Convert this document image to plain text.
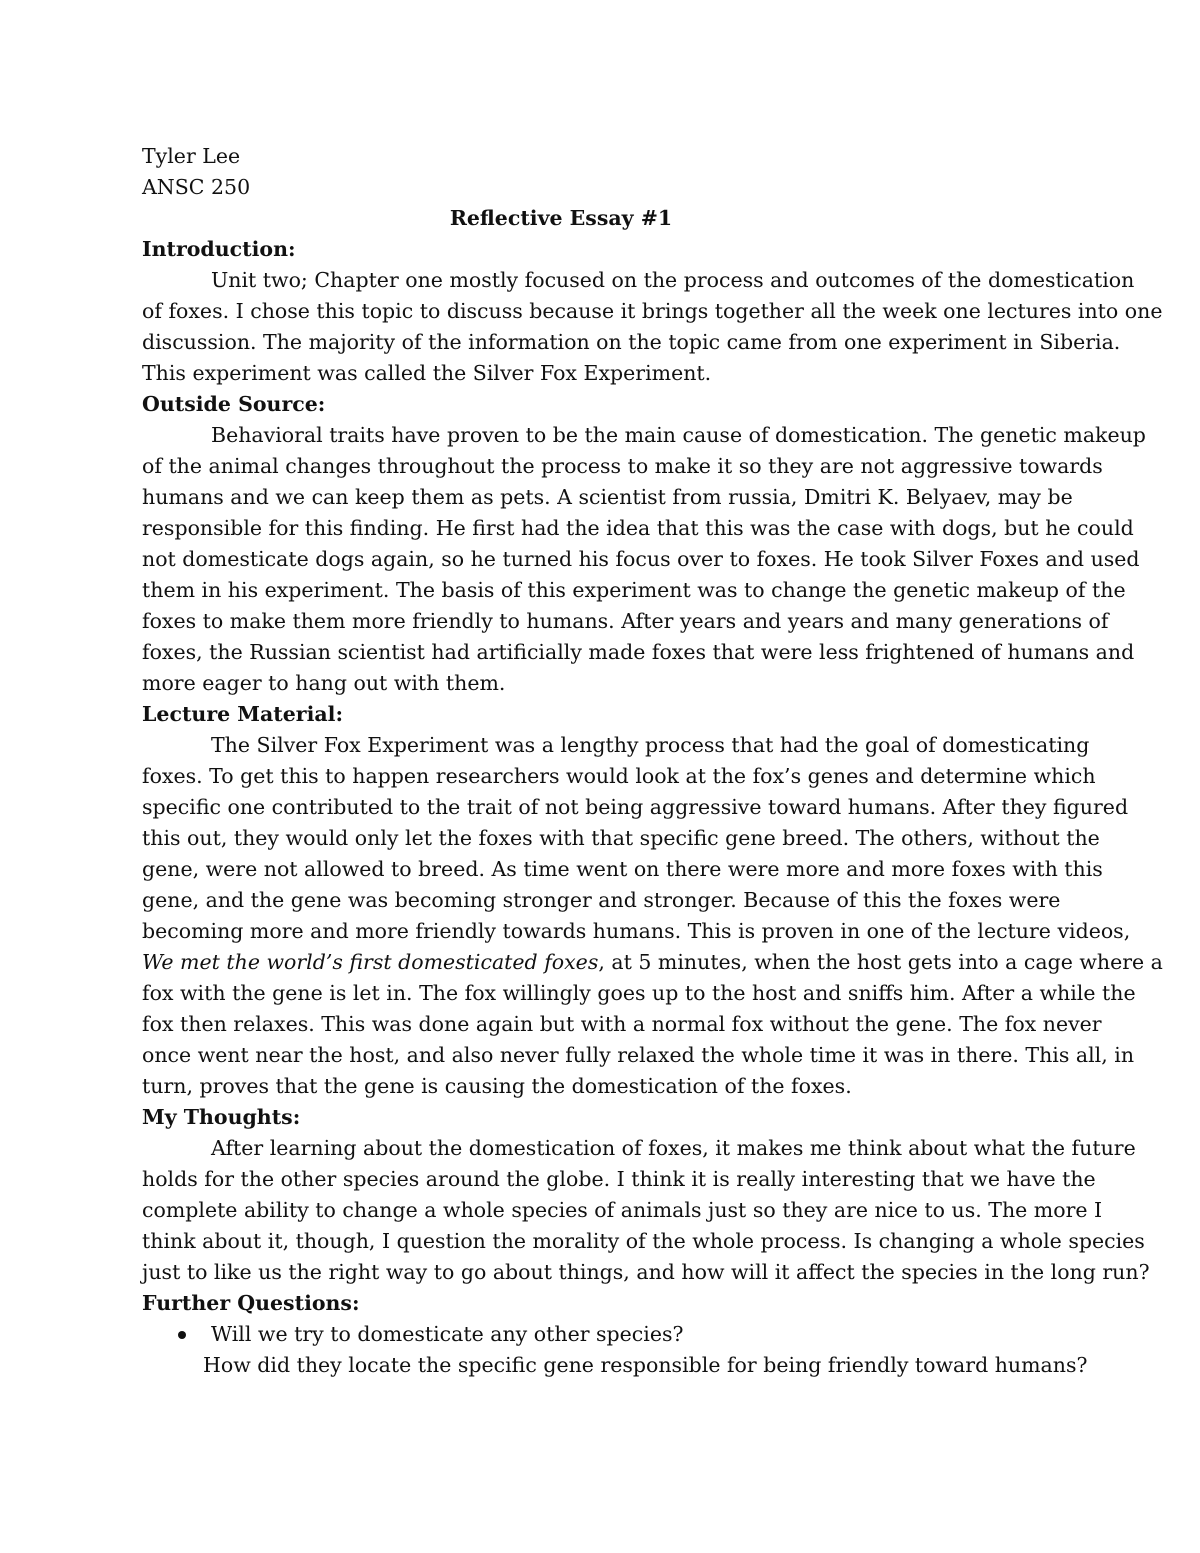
Tyler Lee
ANSC 250
Reflective Essay #1
Introduction:
Unit two; Chapter one mostly focused on the process and outcomes of the domestication
of foxes. I chose this topic to discuss because it brings together all the week one lectures into one
discussion. The majority of the information on the topic came from one experiment in Siberia.
This experiment was called the Silver Fox Experiment.
Outside Source:
Behavioral traits have proven to be the main cause of domestication. The genetic makeup
of the animal changes throughout the process to make it so they are not aggressive towards
humans and we can keep them as pets. A scientist from russia, Dmitri K. Belyaev, may be
responsible for this finding. He first had the idea that this was the case with dogs, but he could
not domesticate dogs again, so he turned his focus over to foxes. He took Silver Foxes and used
them in his experiment. The basis of this experiment was to change the genetic makeup of the
foxes to make them more friendly to humans. After years and years and many generations of
foxes, the Russian scientist had artificially made foxes that were less frightened of humans and
more eager to hang out with them.
Lecture Material:
The Silver Fox Experiment was a lengthy process that had the goal of domesticating
foxes. To get this to happen researchers would look at the fox’s genes and determine which
specific one contributed to the trait of not being aggressive toward humans. After they figured
this out, they would only let the foxes with that specific gene breed. The others, without the
gene, were not allowed to breed. As time went on there were more and more foxes with this
gene, and the gene was becoming stronger and stronger. Because of this the foxes were
becoming more and more friendly towards humans. This is proven in one of the lecture videos,
We met the world’s first domesticated foxes, at 5 minutes, when the host gets into a cage where a
fox with the gene is let in. The fox willingly goes up to the host and sniffs him. After a while the
fox then relaxes. This was done again but with a normal fox without the gene. The fox never
once went near the host, and also never fully relaxed the whole time it was in there. This all, in
turn, proves that the gene is causing the domestication of the foxes.
My Thoughts:
After learning about the domestication of foxes, it makes me think about what the future
holds for the other species around the globe. I think it is really interesting that we have the
complete ability to change a whole species of animals just so they are nice to us. The more I
think about it, though, I question the morality of the whole process. Is changing a whole species
just to like us the right way to go about things, and how will it affect the species in the long run?
Further Questions:
Will we try to domesticate any other species?
How did they locate the specific gene responsible for being friendly toward humans?
